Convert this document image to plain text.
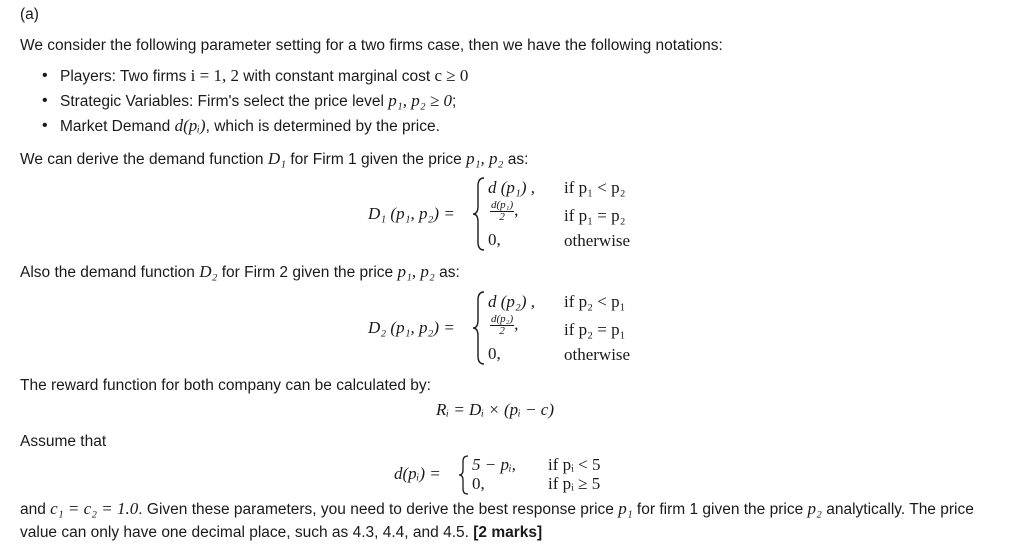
(a)
We consider the following parameter setting for a two firms case, then we have the following notations:
• Players: Two firms i = 1, 2 with constant marginal cost c ≥ 0
• Strategic Variables: Firm's select the price level p₁, p₂ ≥ 0;
• Market Demand d(pᵢ), which is determined by the price.
We can derive the demand function D₁ for Firm 1 given the price p₁, p₂ as:
D₁ (p₁, p₂) =
d (p₁) ,
$\frac{\text{d(p₁)}}{2}$ ,
0,
if p₁ < p₂
if p₁ = p₂
otherwise
Also the demand function D₂ for Firm 2 given the price p₁, p₂ as:
D₂ (p₁, p₂) =
d (p₂) ,
$\frac{\text{d(p₂)}}{2}$ ,
0,
if p₂ < p₁
if p₂ = p₁
otherwise
The reward function for both company can be calculated by:
Rᵢ = Dᵢ × (pᵢ − c)
Assume that
d(pᵢ) = 5 − pᵢ,
0,
if pᵢ < 5
if pᵢ ≥ 5
and c₁ = c₂ = 1.0. Given these parameters, you need to derive the best response price p₁ for firm 1 given the price p₂ analytically. The price
value can only have one decimal place, such as 4.3, 4.4, and 4.5. [2 marks]
